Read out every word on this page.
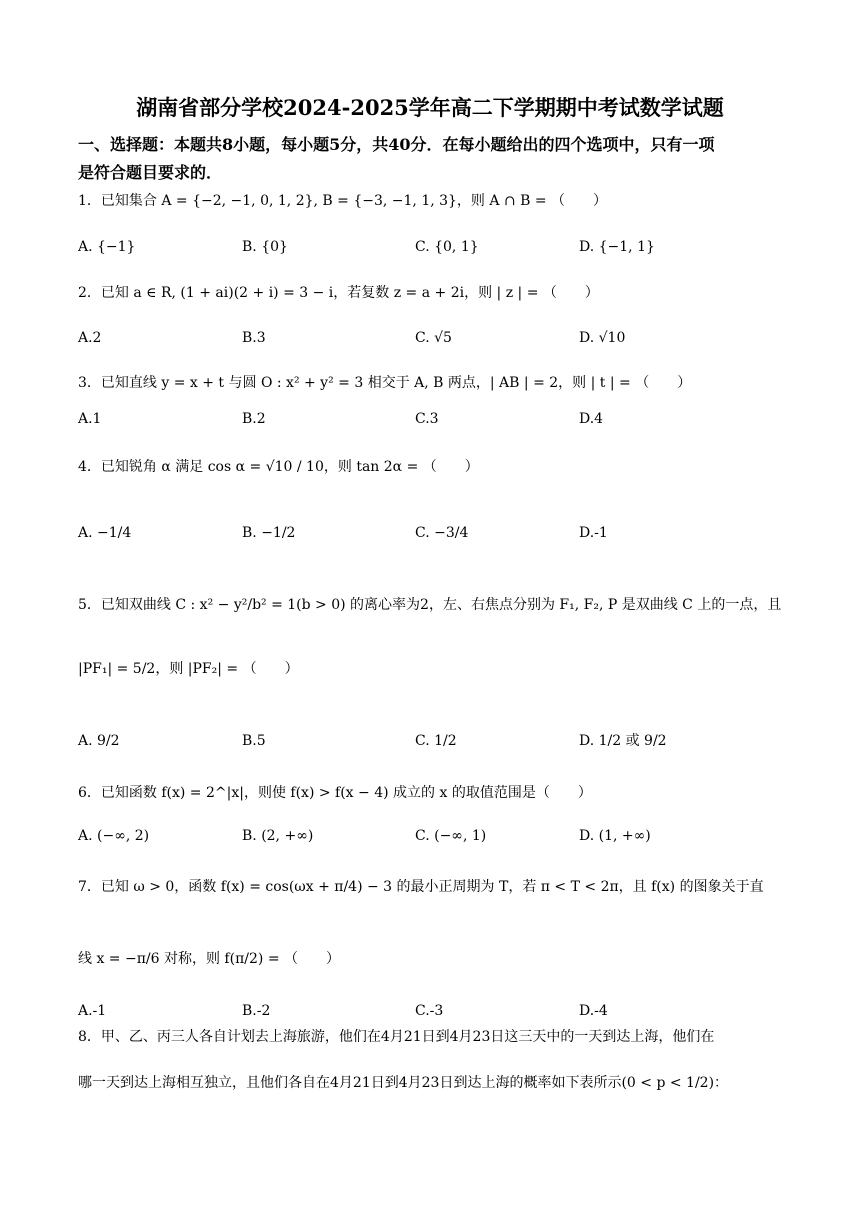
湖南省部分学校2024-2025学年高二下学期期中考试数学试题
一、选择题：本题共8小题，每小题5分，共40分．在每小题给出的四个选项中，只有一项
是符合题目要求的．
1．已知集合 A = {−2, −1, 0, 1, 2}, B = {−3, −1, 1, 3}，则 A ∩ B = （　　）
A. {−1}	B. {0}	C. {0, 1}	D. {−1, 1}
2．已知 a ∈ R, (1 + ai)(2 + i) = 3 − i，若复数 z = a + 2i，则 | z | = （　　）
A.2	B.3	C. √5	D. √10
3．已知直线 y = x + t 与圆 O : x² + y² = 3 相交于 A, B 两点，| AB | = 2，则 | t | = （　　）
A.1	B.2	C.3	D.4
4．已知锐角 α 满足 cos α = √10 / 10，则 tan 2α = （　　）
A. −1/4	B. −1/2	C. −3/4	D.-1
5．已知双曲线 C : x² − y²/b² = 1(b > 0) 的离心率为2，左、右焦点分别为 F₁, F₂, P 是双曲线 C 上的一点，且
|PF₁| = 5/2，则 |PF₂| = （　　）
A. 9/2	B.5	C. 1/2	D. 1/2 或 9/2
6．已知函数 f(x) = 2^|x|，则使 f(x) > f(x − 4) 成立的 x 的取值范围是（　　）
A. (−∞, 2)	B. (2, +∞)	C. (−∞, 1)	D. (1, +∞)
7．已知 ω > 0，函数 f(x) = cos(ωx + π/4) − 3 的最小正周期为 T，若 π < T < 2π，且 f(x) 的图象关于直
线 x = −π/6 对称，则 f(π/2) = （　　）
A.-1	B.-2	C.-3	D.-4
8．甲、乙、丙三人各自计划去上海旅游，他们在4月21日到4月23日这三天中的一天到达上海，他们在
哪一天到达上海相互独立，且他们各自在4月21日到4月23日到达上海的概率如下表所示(0 < p < 1/2)：
